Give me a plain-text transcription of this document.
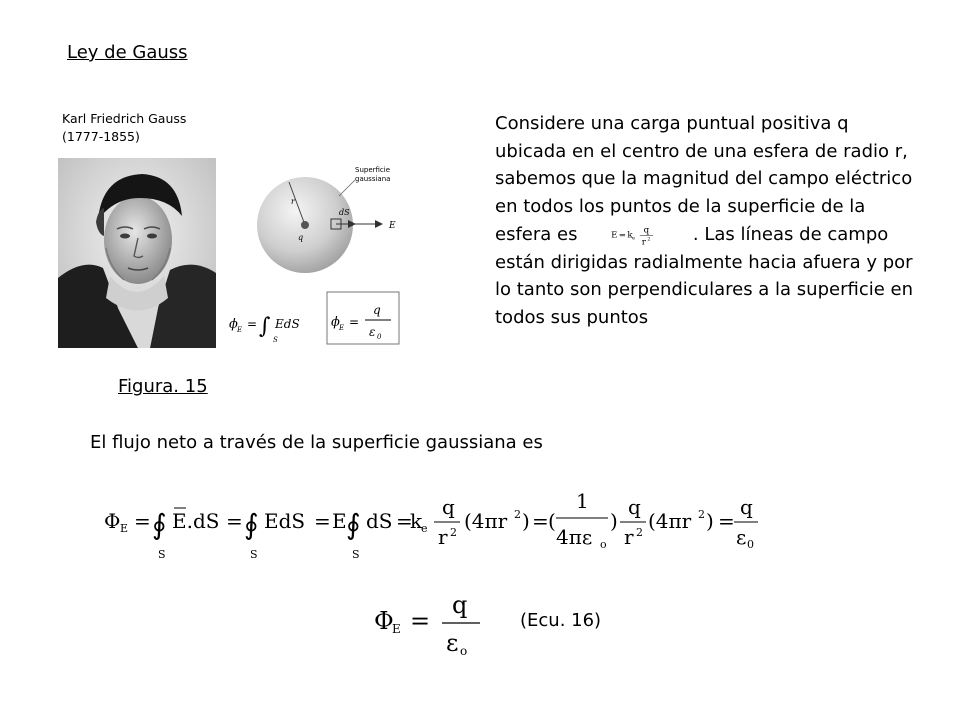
Ley de Gauss
Karl Friedrich Gauss
(1777-1855)
r
q
dS
E
Superficie
gaussiana
ϕ E = ∫
S
EdS ϕ E =
q
ε 0
Figura. 15
Considere una carga puntual positiva q ubicada en el centro de una esfera de radio r, sabemos que la magnitud del campo eléctrico en todos los puntos de la superficie de la esfera es E = k e
q
r 2 . Las líneas de campo están dirigidas radialmente hacia afuera y por lo tanto son perpendiculares a la superficie en todos sus puntos
El flujo neto a través de la superficie gaussiana es
Φ E = ∮
S
E.dS = ∮
S
EdS = E ∮
S
dS =
k
e
q
r 2 (4πr 2 ) = (
1
4πε o
)
q
r 2 (4πr 2 ) =
q
ε 0
Φ
E =
q
ε o
(Ecu. 16)
